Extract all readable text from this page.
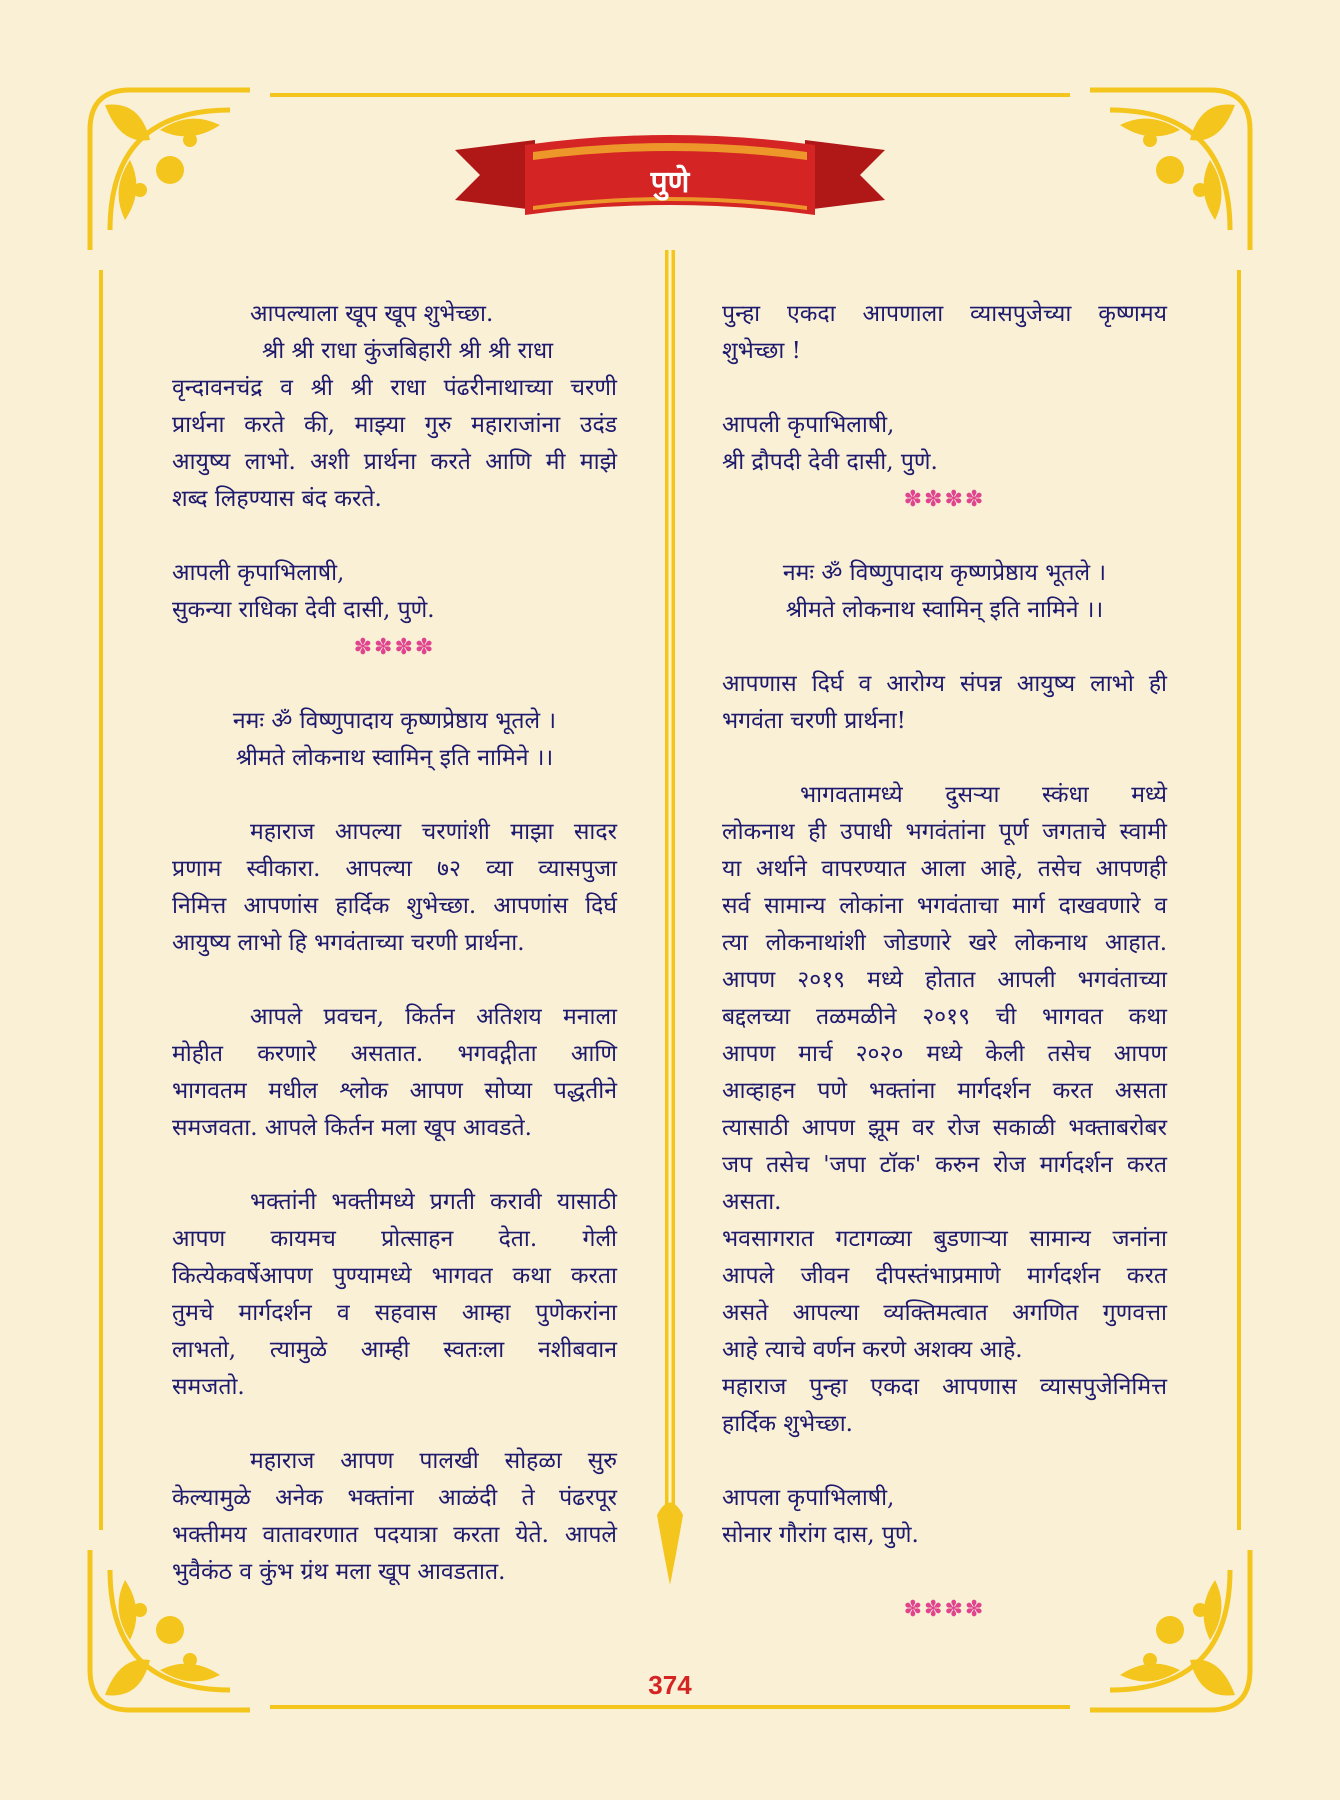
पुणे

आपल्याला खूप खूप शुभेच्छा.

श्री श्री राधा कुंजबिहारी श्री श्री राधा

वृन्दावनचंद्र व श्री श्री राधा पंढरीनाथाच्या चरणी

प्रार्थना करते की, माझ्या गुरु महाराजांना उदंड

आयुष्य लाभो. अशी प्रार्थना करते आणि मी माझे

शब्द लिहण्यास बंद करते.

आपली कृपाभिलाषी,

सुकन्या राधिका देवी दासी, पुणे.

✽✽✽✽

नमः ॐ विष्णुपादाय कृष्णप्रेष्ठाय भूतले ।

श्रीमते लोकनाथ स्वामिन् इति नामिने ।।

महाराज आपल्या चरणांशी माझा सादर

प्रणाम स्वीकारा. आपल्या ७२ व्या व्यासपुजा

निमित्त आपणांस हार्दिक शुभेच्छा. आपणांस दिर्घ

आयुष्य लाभो हि भगवंताच्या चरणी प्रार्थना.

आपले प्रवचन, किर्तन अतिशय मनाला

मोहीत करणारे असतात. भगवद्गीता आणि

भागवतम मधील श्लोक आपण सोप्या पद्धतीने

समजवता. आपले किर्तन मला खूप आवडते.

भक्तांनी भक्तीमध्ये प्रगती करावी यासाठी

आपण कायमच प्रोत्साहन देता. गेली

कित्येकवर्षेआपण पुण्यामध्ये भागवत कथा करता

तुमचे मार्गदर्शन व सहवास आम्हा पुणेकरांना

लाभतो, त्यामुळे आम्ही स्वतःला नशीबवान

समजतो.

महाराज आपण पालखी सोहळा सुरु

केल्यामुळे अनेक भक्तांना आळंदी ते पंढरपूर

भक्तीमय वातावरणात पदयात्रा करता येते. आपले

भुवैकंठ व कुंभ ग्रंथ मला खूप आवडतात.

पुन्हा एकदा आपणाला व्यासपुजेच्या कृष्णमय

शुभेच्छा !

आपली कृपाभिलाषी,

श्री द्रौपदी देवी दासी, पुणे.

✽✽✽✽

नमः ॐ विष्णुपादाय कृष्णप्रेष्ठाय भूतले ।

श्रीमते लोकनाथ स्वामिन् इति नामिने ।।

आपणास दिर्घ व आरोग्य संपन्न आयुष्य लाभो ही

भगवंता चरणी प्रार्थना!

भागवतामध्ये दुसऱ्या स्कंधा मध्ये

लोकनाथ ही उपाधी भगवंतांना पूर्ण जगताचे स्वामी

या अर्थाने वापरण्यात आला आहे, तसेच आपणही

सर्व सामान्य लोकांना भगवंताचा मार्ग दाखवणारे व

त्या लोकनाथांशी जोडणारे खरे लोकनाथ आहात.

आपण २०१९ मध्ये होतात आपली भगवंताच्या

बद्दलच्या तळमळीने २०१९ ची भागवत कथा

आपण मार्च २०२० मध्ये केली तसेच आपण

आव्हाहन पणे भक्तांना मार्गदर्शन करत असता

त्यासाठी आपण झूम वर रोज सकाळी भक्ताबरोबर

जप तसेच 'जपा टॉक' करुन रोज मार्गदर्शन करत

असता.

भवसागरात गटागळ्या बुडणाऱ्या सामान्य जनांना

आपले जीवन दीपस्तंभाप्रमाणे मार्गदर्शन करत

असते आपल्या व्यक्तिमत्वात अगणित गुणवत्ता

आहे त्याचे वर्णन करणे अशक्य आहे.

महाराज पुन्हा एकदा आपणास व्यासपुजेनिमित्त

हार्दिक शुभेच्छा.

आपला कृपाभिलाषी,

सोनार गौरांग दास, पुणे.

✽✽✽✽

374
